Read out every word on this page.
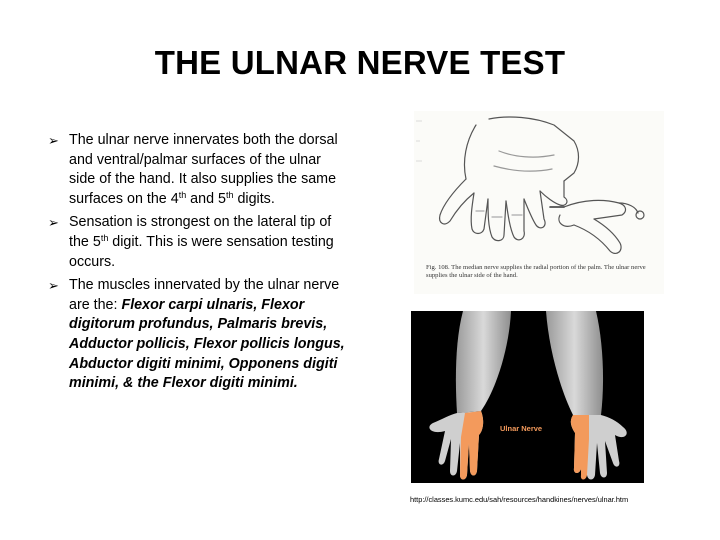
THE ULNAR NERVE TEST
➢ The ulnar nerve innervates both the dorsal and ventral/palmar surfaces of the ulnar side of the hand. It also supplies the same surfaces on the 4th and 5th digits.
➢ Sensation is strongest on the lateral tip of the 5th digit. This is were sensation testing occurs.
➢ The muscles innervated by the ulnar nerve are the: Flexor carpi ulnaris, Flexor digitorum profundus, Palmaris brevis, Adductor pollicis, Flexor pollicis longus, Abductor digiti minimi, Opponens digiti minimi, & the Flexor digiti minimi.
Fig. 108. The median nerve supplies the radial portion of the palm. The ulnar nerve supplies the ulnar side of the hand.
Ulnar Nerve
http://classes.kumc.edu/sah/resources/handkines/nerves/ulnar.htm
